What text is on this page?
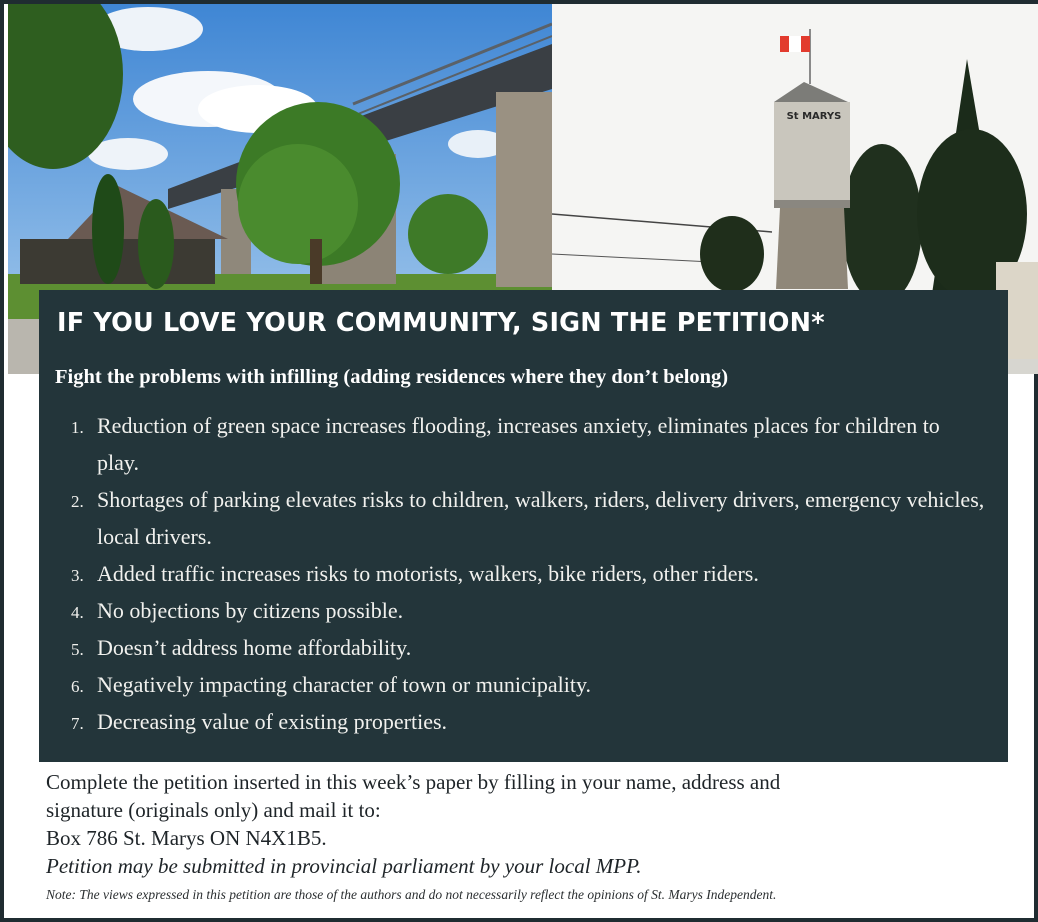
St MARYS
IF YOU LOVE YOUR COMMUNITY, SIGN THE PETITION*
Fight the problems with infilling (adding residences where they don’t belong)
1. Reduction of green space increases flooding, increases anxiety, eliminates places for children to play.
2. Shortages of parking elevates risks to children, walkers, riders, delivery drivers, emergency vehicles, local drivers.
3. Added traffic increases risks to motorists, walkers, bike riders, other riders.
4. No objections by citizens possible.
5. Doesn’t address home affordability.
6. Negatively impacting character of town or municipality.
7. Decreasing value of existing properties.

Complete the petition inserted in this week’s paper by filling in your name, address and

signature (originals only) and mail it to:

Box 786 St. Marys ON N4X1B5.

Petition may be submitted in provincial parliament by your local MPP.

Note: The views expressed in this petition are those of the authors and do not necessarily reflect the opinions of St. Marys Independent.
